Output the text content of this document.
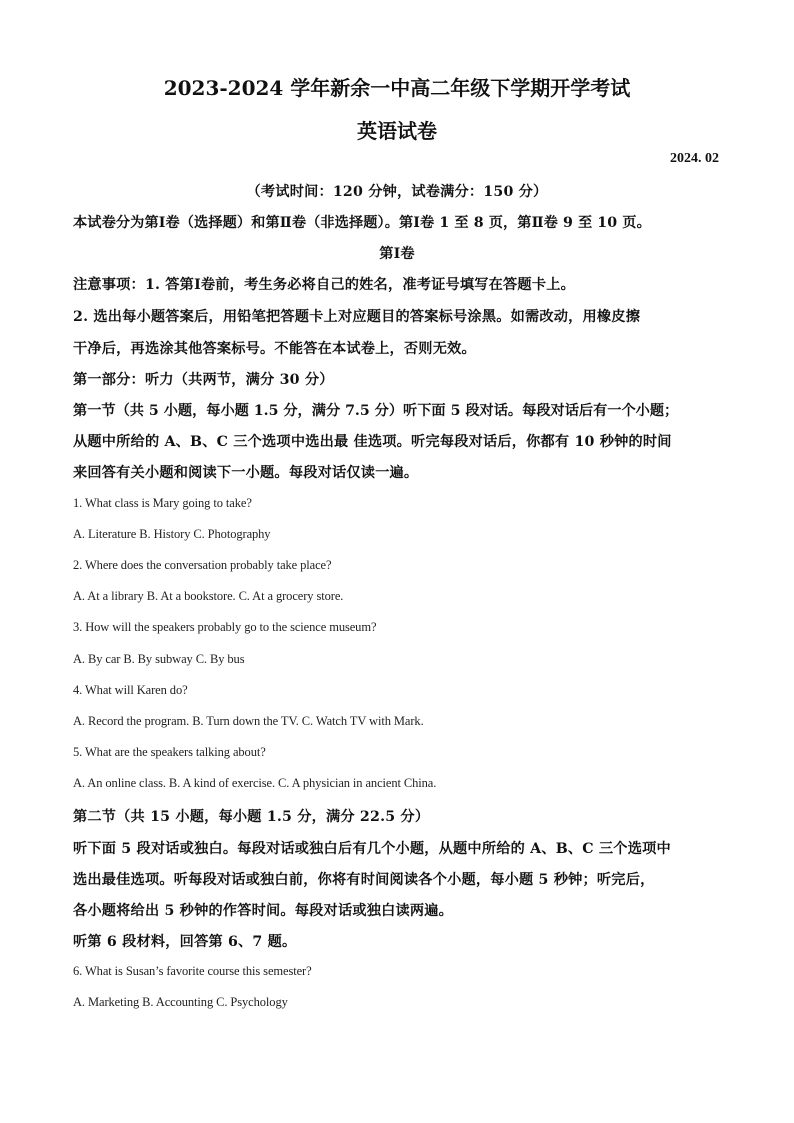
2023-2024 学年新余一中高二年级下学期开学考试
英语试卷
2024. 02
（考试时间：120 分钟，试卷满分：150 分）
本试卷分为第Ⅰ卷（选择题）和第Ⅱ卷（非选择题）。第Ⅰ卷 1 至 8 页，第Ⅱ卷 9 至 10 页。
第Ⅰ卷
注意事项：1. 答第Ⅰ卷前，考生务必将自己的姓名，准考证号填写在答题卡上。
2. 选出每小题答案后，用铅笔把答题卡上对应题目的答案标号涂黑。如需改动，用橡皮擦
干净后，再选涂其他答案标号。不能答在本试卷上，否则无效。
第一部分：听力（共两节，满分 30 分）
第一节（共 5 小题，每小题 1.5 分，满分 7.5 分）听下面 5 段对话。每段对话后有一个小题；
从题中所给的 A、B、C 三个选项中选出最 佳选项。听完每段对话后，你都有 10 秒钟的时间
来回答有关小题和阅读下一小题。每段对话仅读一遍。
1. What class is Mary going to take?
A. Literature B. History C. Photography
2. Where does the conversation probably take place?
A. At a library B. At a bookstore. C. At a grocery store.
3. How will the speakers probably go to the science museum?
A. By car B. By subway C. By bus
4. What will Karen do?
A. Record the program. B. Turn down the TV. C. Watch TV with Mark.
5. What are the speakers talking about?
A. An online class. B. A kind of exercise. C. A physician in ancient China.
第二节（共 15 小题，每小题 1.5 分，满分 22.5 分）
听下面 5 段对话或独白。每段对话或独白后有几个小题，从题中所给的 A、B、C 三个选项中
选出最佳选项。听每段对话或独白前，你将有时间阅读各个小题，每小题 5 秒钟；听完后，
各小题将给出 5 秒钟的作答时间。每段对话或独白读两遍。
听第 6 段材料，回答第 6、7 题。
6. What is Susan’s favorite course this semester?
A. Marketing B. Accounting C. Psychology
